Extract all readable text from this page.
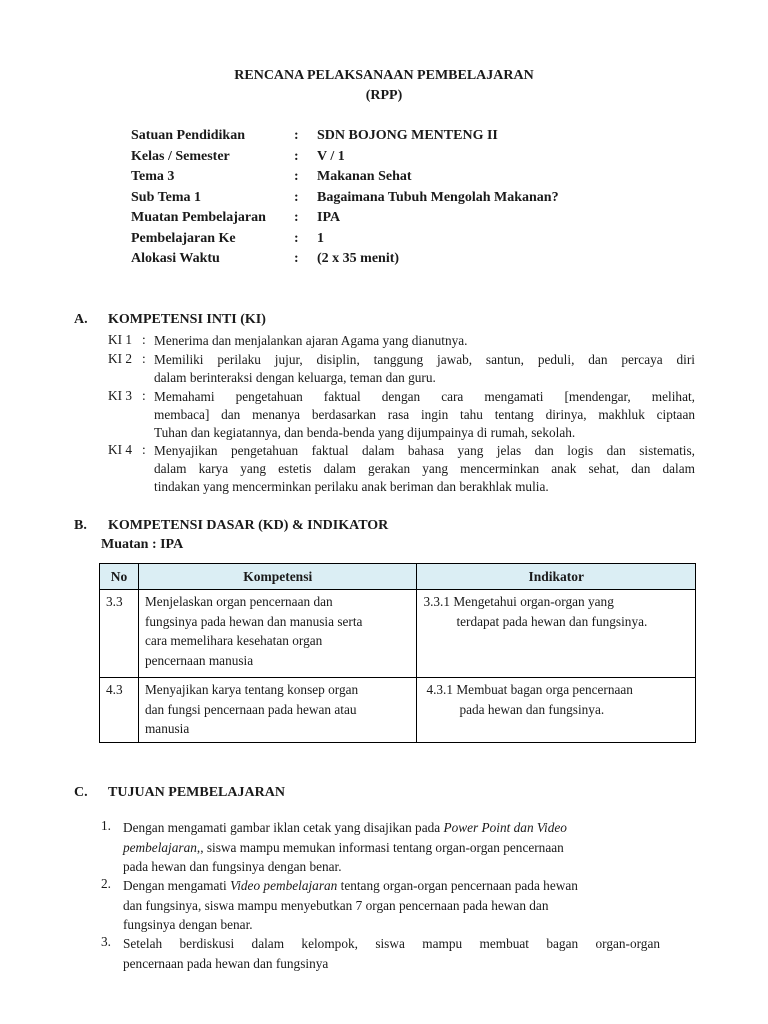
RENCANA PELAKSANAAN PEMBELAJARAN
(RPP)
Satuan Pendidikan	: SDN BOJONG MENTENG II
Kelas / Semester	: V / 1
Tema 3	: Makanan Sehat
Sub Tema 1	: Bagaimana Tubuh Mengolah Makanan?
Muatan Pembelajaran : IPA
Pembelajaran Ke	: 1
Alokasi Waktu	: (2 x 35 menit)
A. KOMPETENSI INTI (KI)
KI 1 : Menerima dan menjalankan ajaran Agama yang dianutnya.
KI 2 : Memiliki perilaku jujur, disiplin, tanggung jawab, santun, peduli, dan percaya diri
dalam berinteraksi dengan keluarga, teman dan guru.
KI 3 : Memahami pengetahuan faktual dengan cara mengamati [mendengar, melihat,
membaca] dan menanya berdasarkan rasa ingin tahu tentang dirinya, makhluk ciptaan
Tuhan dan kegiatannya, dan benda-benda yang dijumpainya di rumah, sekolah.
KI 4 : Menyajikan pengetahuan faktual dalam bahasa yang jelas dan logis dan sistematis,
dalam karya yang estetis dalam gerakan yang mencerminkan anak sehat, dan dalam
tindakan yang mencerminkan perilaku anak beriman dan berakhlak mulia.
B. KOMPETENSI DASAR (KD) & INDIKATOR
Muatan : IPA
No	Kompetensi	Indikator
3.3	Menjelaskan organ pencernaan dan
fungsinya pada hewan dan manusia serta
cara memelihara kesehatan organ
pencernaan manusia	3.3.1 Mengetahui organ-organ yang
terdapat pada hewan dan fungsinya.

4.3	Menyajikan karya tentang konsep organ
dan fungsi pencernaan pada hewan atau
manusia	4.3.1 Membuat bagan orga pencernaan
pada hewan dan fungsinya.
C. TUJUAN PEMBELAJARAN
1. Dengan mengamati gambar iklan cetak yang disajikan pada Power Point dan Video
pembelajaran,, siswa mampu memukan informasi tentang organ-organ pencernaan
pada hewan dan fungsinya dengan benar.
2. Dengan mengamati Video pembelajaran tentang organ-organ pencernaan pada hewan
dan fungsinya, siswa mampu menyebutkan 7 organ pencernaan pada hewan dan
fungsinya dengan benar.
3. Setelah berdiskusi dalam kelompok, siswa mampu membuat bagan organ-organ
pencernaan pada hewan dan fungsinya
